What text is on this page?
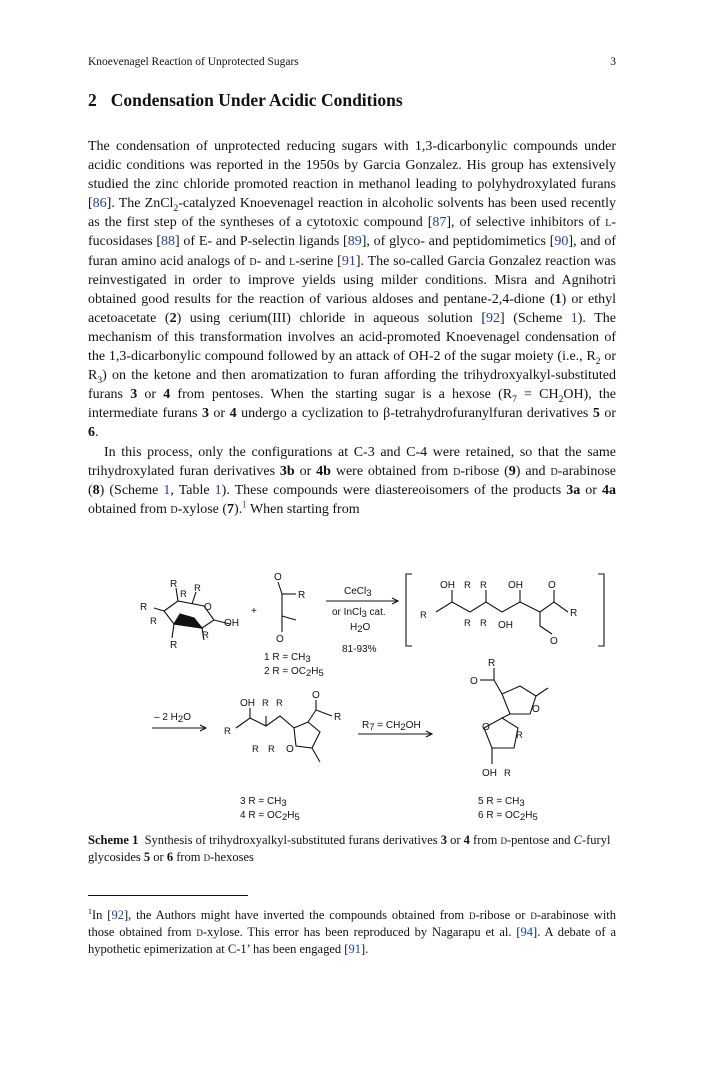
Knoevenagel Reaction of Unprotected Sugars	3
2 Condensation Under Acidic Conditions

The condensation of unprotected reducing sugars with 1,3-dicarbonylic compounds under acidic conditions was reported in the 1950s by Garcia Gonzalez. His group has extensively studied the zinc chloride promoted reaction in methanol leading to polyhydroxylated furans [86]. The ZnCl$_2$-catalyzed Knoevenagel reaction in alcoholic solvents has been used recently as the first step of the syntheses of a cytotoxic compound [87], of selective inhibitors of l-fucosidases [88] of E- and P-selectin ligands [89], of glyco- and peptidomimetics [90], and of furan amino acid analogs of d- and l-serine [91]. The so-called Garcia Gonzalez reaction was reinvestigated in order to improve yields using milder conditions. Misra and Agnihotri obtained good results for the reaction of various aldoses and pentane-2,4-dione (1) or ethyl acetoacetate (2) using cerium(III) chloride in aqueous solution [92] (Scheme 1). The mechanism of this transformation involves an acid-promoted Knoevenagel condensation of the 1,3-dicarbonylic compound followed by an attack of OH-2 of the sugar moiety (i.e., $R_2$ or $R_3$) on the ketone and then aromatization to furan affording the trihydroxyalkyl-substituted furans 3 or 4 from pentoses. When the starting sugar is a hexose $(R_7 = CH_2OH)$, the intermediate furans 3 or 4 undergo a cyclization to β-tetrahydrofuranylfuran derivatives 5 or 6.

In this process, only the configurations at C-3 and C-4 were retained, so that the same trihydroxylated furan derivatives 3b or 4b were obtained from d-ribose (9) and d-arabinose (8) (Scheme 1, Table 1). These compounds were diastereoisomers of the products 3a or 4a obtained from d-xylose (7).$^1$ When starting from

R
R
R
R
R
R
O
R
OH
+
O
R
O
1 R = CH3
2 R = OC2H5
CeCl3
or InCl3 cat.
H2O
81-93%
R
OH R R OH	O
R
R R OH
O
– 2 H2O
R
OH R R
R R O
O
R
3 R = CH3
4 R = OC2H5
R7 = CH2OH
R
O
O
O
R
OH R
5 R = CH3
6 R = OC2H5
Scheme 1 Synthesis of trihydroxyalkyl-substituted furans derivatives 3 or 4 from d-pentose and C-furyl glycosides 5 or 6 from d-hexoses
$^1$In [92], the Authors might have inverted the compounds obtained from d-ribose or d-arabinose with those obtained from d-xylose. This error has been reproduced by Nagarapu et al. [94]. A debate of a hypothetic epimerization at C-1’ has been engaged [91].
